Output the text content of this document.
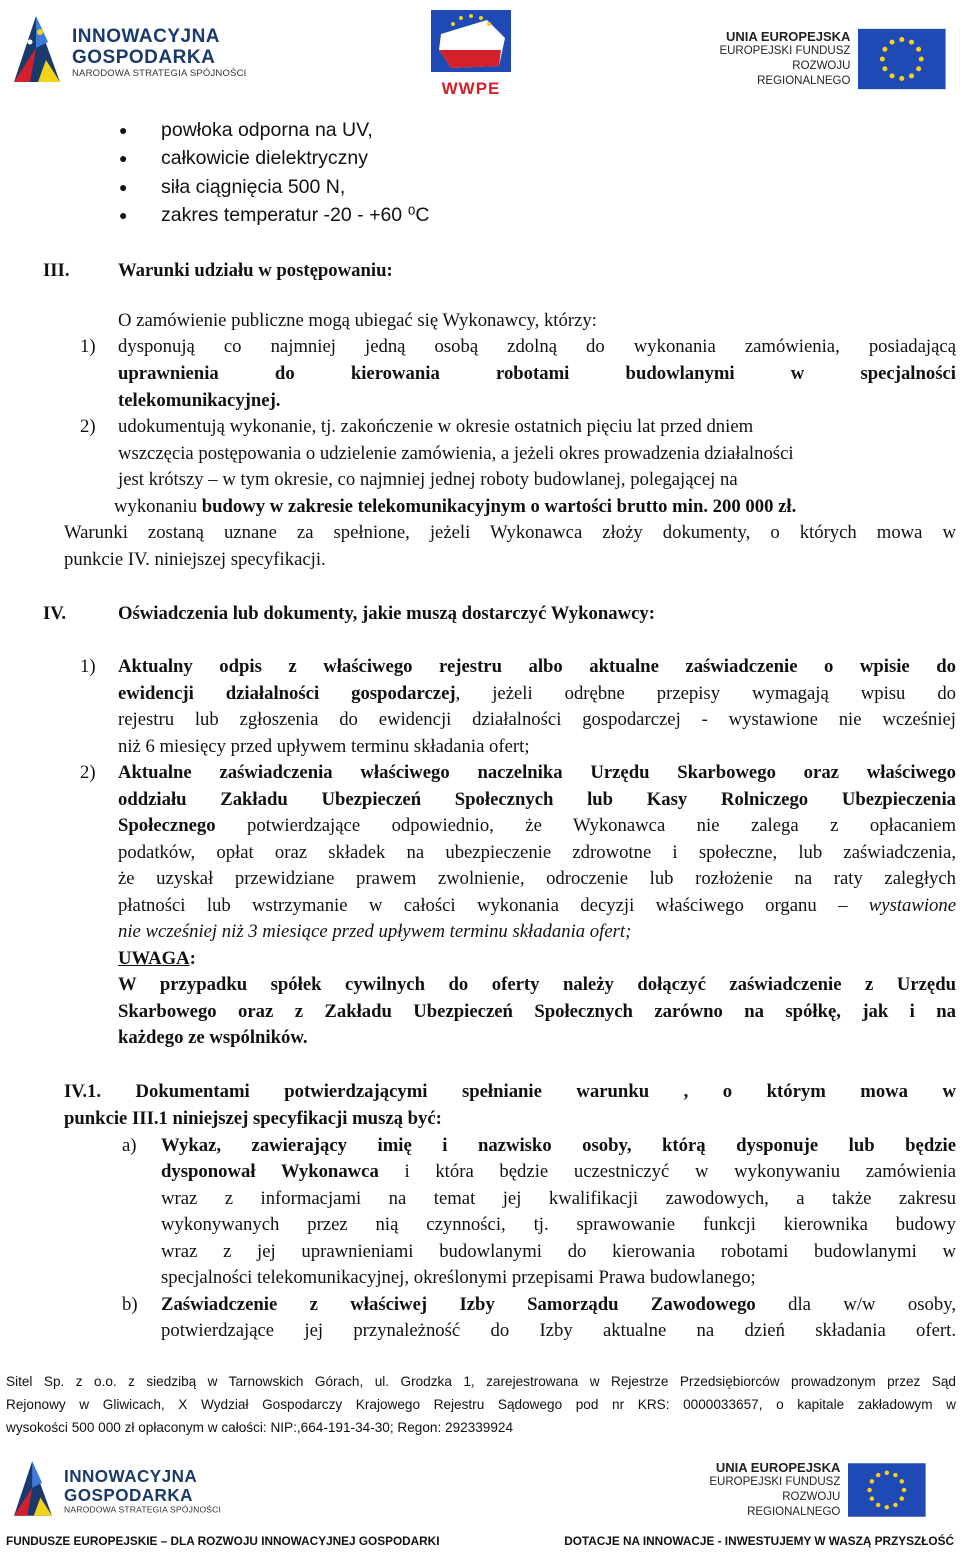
INNOWACYJNA
GOSPODARKA
NARODOWA STRATEGIA SPÓJNOŚCI
WWPE
UNIA EUROPEJSKA
EUROPEJSKI FUNDUSZ
ROZWOJU REGIONALNEGO
●	powłoka odporna na UV,
●	całkowicie dielektryczny
●	siła ciągnięcia 500 N,
●	zakres temperatur -20 - +60 ⁰C
III.	Warunki udziału w postępowaniu:
O zamówienie publiczne mogą ubiegać się Wykonawcy, którzy:
1) dysponują co najmniej jedną osobą zdolną do wykonania zamówienia, posiadającą
uprawnienia do kierowania robotami budowlanymi w specjalności
telekomunikacyjnej.
2) udokumentują wykonanie, tj. zakończenie w okresie ostatnich pięciu lat przed dniem
wszczęcia postępowania o udzielenie zamówienia, a jeżeli okres prowadzenia działalności
jest krótszy – w tym okresie, co najmniej jednej roboty budowlanej, polegającej na
wykonaniu budowy w zakresie telekomunikacyjnym o wartości brutto min. 200 000 zł.
Warunki zostaną uznane za spełnione, jeżeli Wykonawca złoży dokumenty, o których mowa w
punkcie IV. niniejszej specyfikacji.
IV.	Oświadczenia lub dokumenty, jakie muszą dostarczyć Wykonawcy:
1) Aktualny odpis z właściwego rejestru albo aktualne zaświadczenie o wpisie do
ewidencji działalności gospodarczej, jeżeli odrębne przepisy wymagają wpisu do
rejestru lub zgłoszenia do ewidencji działalności gospodarczej - wystawione nie wcześniej
niż 6 miesięcy przed upływem terminu składania ofert;
2) Aktualne zaświadczenia właściwego naczelnika Urzędu Skarbowego oraz właściwego
oddziału Zakładu Ubezpieczeń Społecznych lub Kasy Rolniczego Ubezpieczenia
Społecznego potwierdzające odpowiednio, że Wykonawca nie zalega z opłacaniem
podatków, opłat oraz składek na ubezpieczenie zdrowotne i społeczne, lub zaświadczenia,
że uzyskał przewidziane prawem zwolnienie, odroczenie lub rozłożenie na raty zaległych
płatności lub wstrzymanie w całości wykonania decyzji właściwego organu – wystawione
nie wcześniej niż 3 miesiące przed upływem terminu składania ofert;
UWAGA:
W przypadku spółek cywilnych do oferty należy dołączyć zaświadczenie z Urzędu
Skarbowego oraz z Zakładu Ubezpieczeń Społecznych zarówno na spółkę, jak i na
każdego ze wspólników.
IV.1. Dokumentami potwierdzającymi spełnianie warunku , o którym mowa w
punkcie III.1 niniejszej specyfikacji muszą być:
a) Wykaz, zawierający imię i nazwisko osoby, którą dysponuje lub będzie
dysponował Wykonawca i która będzie uczestniczyć w wykonywaniu zamówienia
wraz z informacjami na temat jej kwalifikacji zawodowych, a także zakresu
wykonywanych przez nią czynności, tj. sprawowanie funkcji kierownika budowy
wraz z jej uprawnieniami budowlanymi do kierowania robotami budowlanymi w
specjalności telekomunikacyjnej, określonymi przepisami Prawa budowlanego;
b) Zaświadczenie z właściwej Izby Samorządu Zawodowego dla w/w osoby,
potwierdzające jej przynależność do Izby aktualne na dzień składania ofert.
Sitel Sp. z o.o. z siedzibą w Tarnowskich Górach, ul. Grodzka 1, zarejestrowana w Rejestrze Przedsiębiorców prowadzonym przez Sąd
Rejonowy w Gliwicach, X Wydział Gospodarczy Krajowego Rejestru Sądowego pod nr KRS: 0000033657, o kapitale zakładowym w
wysokości 500 000 zł opłaconym w całości: NIP:,664-191-34-30; Regon: 292339924
INNOWACYJNA
GOSPODARKA
NARODOWA STRATEGIA SPÓJNOŚCI
UNIA EUROPEJSKA
EUROPEJSKI FUNDUSZ
ROZWOJU REGIONALNEGO
FUNDUSZE EUROPEJSKIE – DLA ROZWOJU INNOWACYJNEJ GOSPODARKI	DOTACJE NA INNOWACJE - INWESTUJEMY W WASZĄ PRZYSZŁOŚĆ
